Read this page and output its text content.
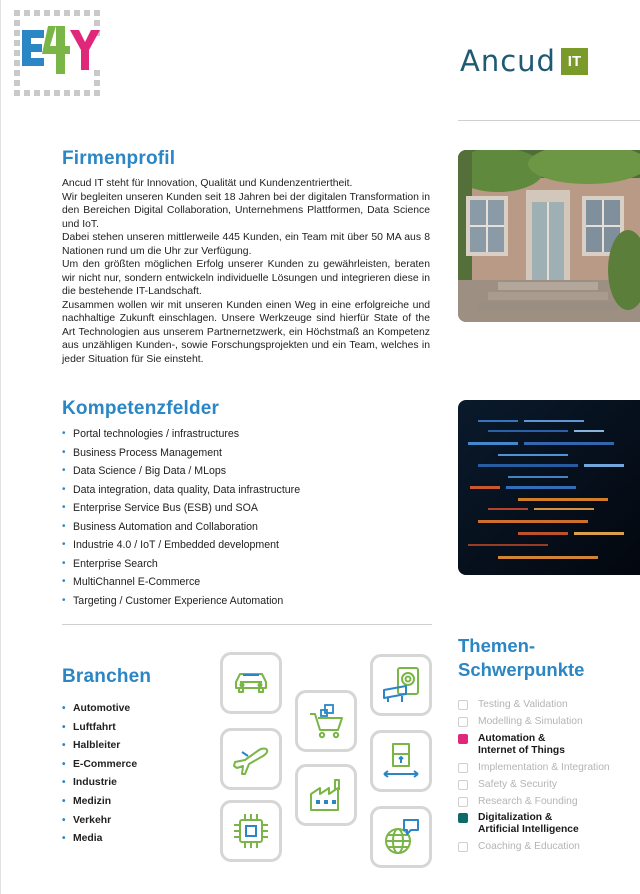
Ancud IT
Firmenprofil

Ancud IT steht für Innovation, Qualität und Kundenzentriertheit.

Wir begleiten unseren Kunden seit 18 Jahren bei der digitalen Transformation in den Bereichen Digital Collaboration, Unternehmens Plattformen, Data Science und IoT.

Dabei stehen unseren mittlerweile 445 Kunden, ein Team mit über 50 MA aus 8 Nationen rund um die Uhr zur Verfügung.

Um den größten möglichen Erfolg unserer Kunden zu gewährleisten, beraten wir nicht nur, sondern entwickeln individuelle Lösungen und integrieren diese in die bestehende IT-Landschaft.

Zusammen wollen wir mit unseren Kunden einen Weg in eine erfolgreiche und nachhaltige Zukunft einschlagen. Unsere Werkzeuge sind hierfür State of the Art Technologien aus unserem Partnernetzwerk, ein Höchstmaß an Kompetenz aus unzähligen Kunden-, sowie Forschungsprojekten und ein Team, welches in jeder Situation für Sie einsteht.

Kompetenzfelder
• Portal technologies / infrastructures
• Business Process Management
• Data Science / Big Data / MLops
• Data integration, data quality, Data infrastructure
• Enterprise Service Bus (ESB) und SOA
• Business Automation and Collaboration
• Industrie 4.0 / IoT / Embedded development
• Enterprise Search
• MultiChannel E-Commerce
• Targeting / Customer Experience Automation
Branchen
• Automotive
• Luftfahrt
• Halbleiter
• E-Commerce
• Industrie
• Medizin
• Verkehr
• Media
Themen-
Schwerpunkte
Testing & Validation
Modelling & Simulation
Automation &
Internet of Things
Implementation & Integration
Safety & Security
Research & Founding
Digitalization &
Artificial Intelligence
Coaching & Education
